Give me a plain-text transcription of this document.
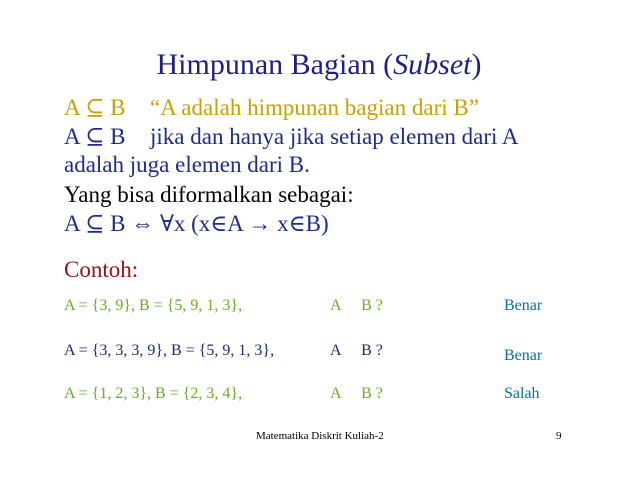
Himpunan Bagian (Subset)
A ⊆ B “A adalah himpunan bagian dari B”
A ⊆ B jika dan hanya jika setiap elemen dari A
adalah juga elemen dari B.
Yang bisa diformalkan sebagai:
A ⊆ B ⇔ ∀x (x∈A → x∈B)
Contoh:
A = {3, 9}, B = {5, 9, 1, 3},	A B ?	Benar
A = {3, 3, 3, 9}, B = {5, 9, 1, 3},	A B ?	Benar
A = {1, 2, 3}, B = {2, 3, 4},	A B ?	Salah
Matematika Diskrit Kuliah-2	9
